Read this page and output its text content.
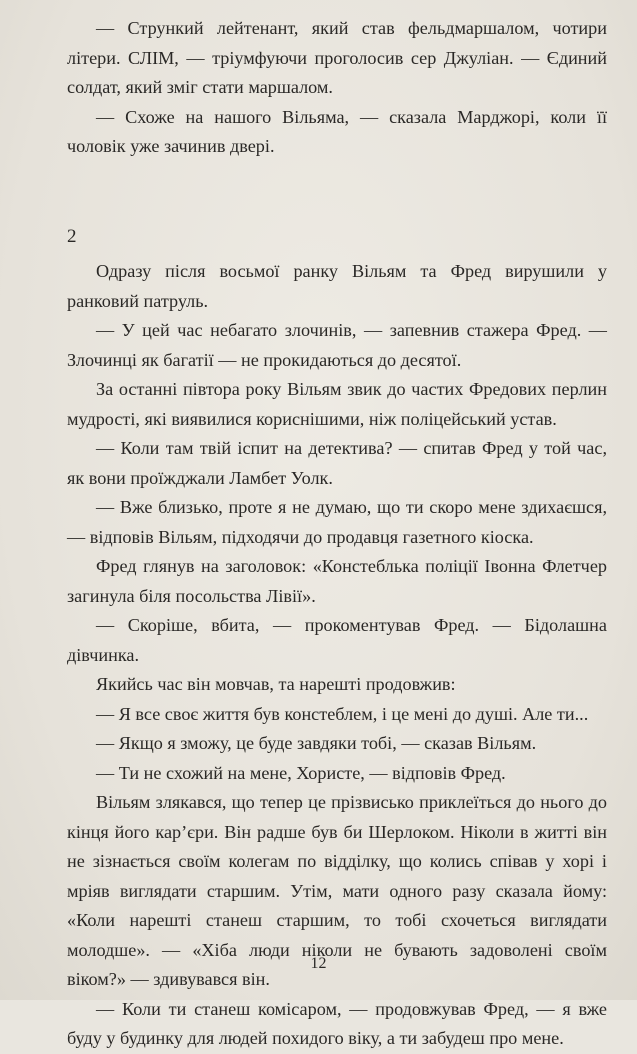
— Стрункий лейтенант, який став фельдмаршалом, чотири літери. СЛІМ, — тріумфуючи проголосив сер Джуліан. — Єдиний солдат, який зміг стати маршалом.

— Схоже на нашого Вільяма, — сказала Марджорі, коли її чоловік уже зачинив двері.

2

Одразу після восьмої ранку Вільям та Фред вирушили у ранковий патруль.

— У цей час небагато злочинів, — запевнив стажера Фред. — Злочинці як багатії — не прокидаються до десятої.

За останні півтора року Вільям звик до частих Фредових перлин мудрості, які виявилися кориснішими, ніж поліцейський устав.

— Коли там твій іспит на детектива? — спитав Фред у той час, як вони проїжджали Ламбет Уолк.

— Вже близько, проте я не думаю, що ти скоро мене здихаєшся, — відповів Вільям, підходячи до продавця газетного кіоска.

Фред глянув на заголовок: «Констеблька поліції Івонна Флетчер загинула біля посольства Лівії».

— Скоріше, вбита, — прокоментував Фред. — Бідолашна дівчинка.

Якийсь час він мовчав, та нарешті продовжив:

— Я все своє життя був констеблем, і це мені до душі. Але ти...

— Якщо я зможу, це буде завдяки тобі, — сказав Вільям.

— Ти не схожий на мене, Хористе, — відповів Фред.

Вільям злякався, що тепер це прізвисько приклеїться до нього до кінця його кар’єри. Він радше був би Шерлоком. Ніколи в житті він не зізнається своїм колегам по відділку, що колись співав у хорі і мріяв виглядати старшим. Утім, мати одного разу сказала йому: «Коли нарешті станеш старшим, то тобі схочеться виглядати молодше». — «Хіба люди ніколи не бувають задоволені своїм віком?» — здивувався він.

— Коли ти станеш комісаром, — продовжував Фред, — я вже буду у будинку для людей похидого віку, а ти забудеш про мене.

12
